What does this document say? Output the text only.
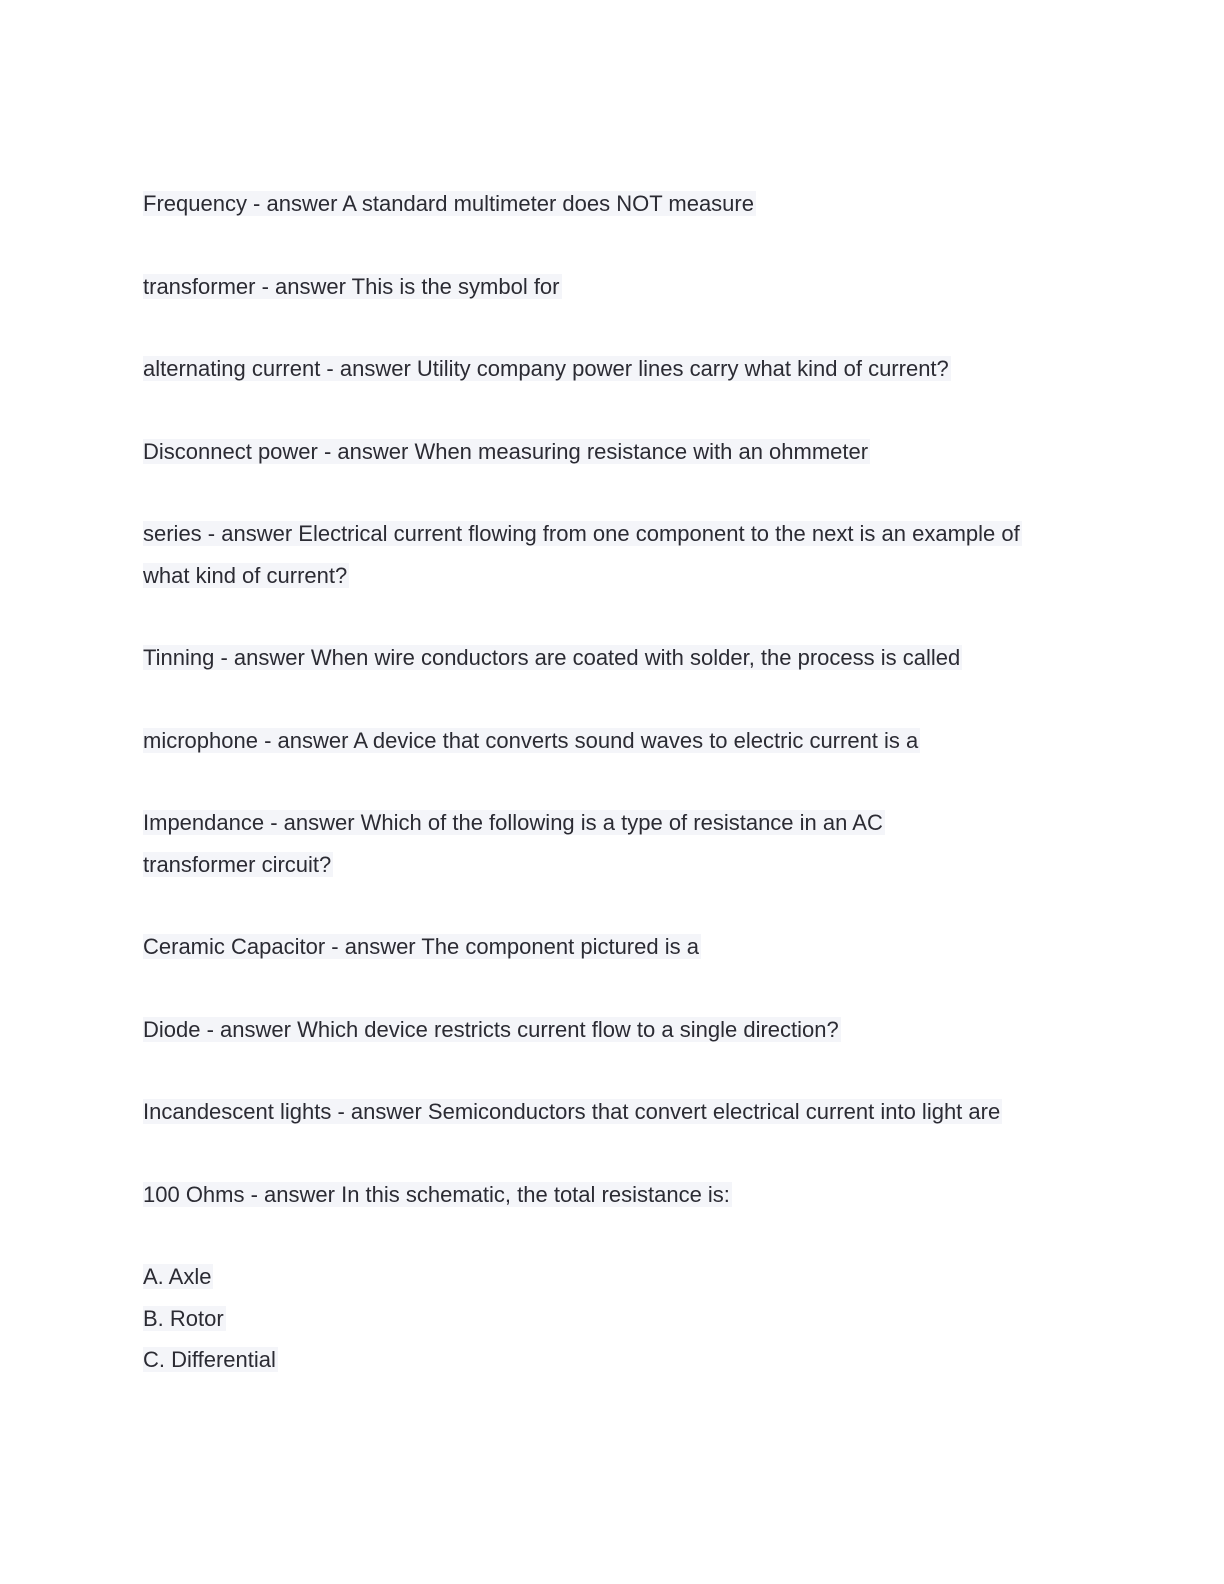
Frequency - answer A standard multimeter does NOT measure

transformer - answer This is the symbol for

alternating current - answer Utility company power lines carry what kind of current?

Disconnect power - answer When measuring resistance with an ohmmeter

series - answer Electrical current flowing from one component to the next is an example of what kind of current?

Tinning - answer When wire conductors are coated with solder, the process is called

microphone - answer A device that converts sound waves to electric current is a

Impendance - answer Which of the following is a type of resistance in an AC transformer circuit?

Ceramic Capacitor - answer The component pictured is a

Diode - answer Which device restricts current flow to a single direction?

Incandescent lights - answer Semiconductors that convert electrical current into light are

100 Ohms - answer In this schematic, the total resistance is:

A. Axle
B. Rotor
C. Differential
